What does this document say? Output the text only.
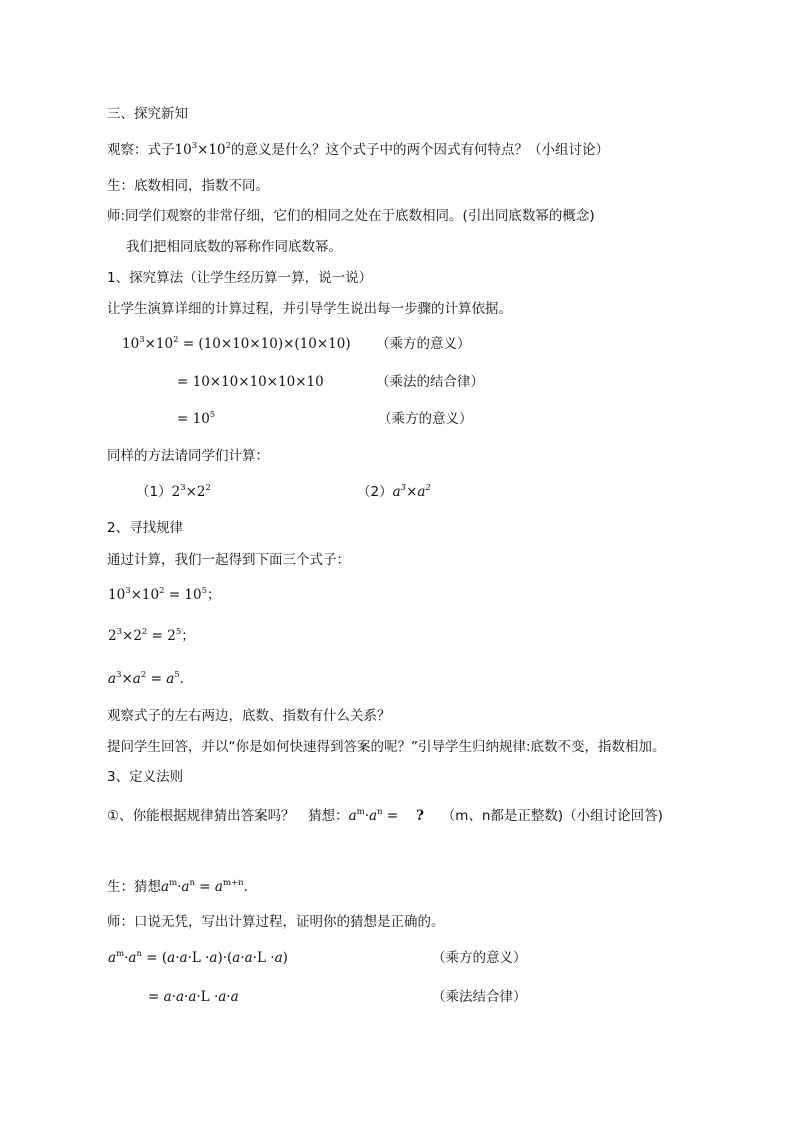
三、探究新知
观察：式子$10^3\times 10^2$的意义是什么？这个式子中的两个因式有何特点？（小组讨论）
生：底数相同，指数不同。
师:同学们观察的非常仔细，它们的相同之处在于底数相同。(引出同底数幂的概念)
我们把相同底数的幂称作同底数幂。
1、探究算法（让学生经历算一算，说一说）
让学生演算详细的计算过程，并引导学生说出每一步骤的计算依据。
$10^3\times 10^2 = (10\times 10\times 10)\times(10\times 10)$ （乘方的意义）
= 10×10×10×10×10	（乘法的结合律）
= $10^5$	（乘方的意义）
同样的方法请同学们计算：
$(1)2^3\times 2^2$	$(2)a^3\times a^2$
2、寻找规律
通过计算，我们一起得到下面三个式子：
$10^3\times 10^2 = 10^5$；
$2^3\times 2^2 = 2^5$；
$a^3\times a^2 = a^5$.
观察式子的左右两边，底数、指数有什么关系？
提问学生回答，并以“你是如何快速得到答案的呢？”引导学生归纳规律:底数不变，指数相加。
3、定义法则
①、你能根据规律猜出答案吗？　猜想：$a^m\cdot a^n$ = 　?　 （m、n都是正整数)（小组讨论回答)
生：猜想$a^m\cdot a^n = a^{m+n}$.
师：口说无凭，写出计算过程，证明你的猜想是正确的。
$a^m\cdot a^n = (a\cdot a\cdot L \cdot a)\cdot(a\cdot a\cdot L \cdot a)$	（乘方的意义）
= a·a·a·L ·a·a	（乘法结合律）
